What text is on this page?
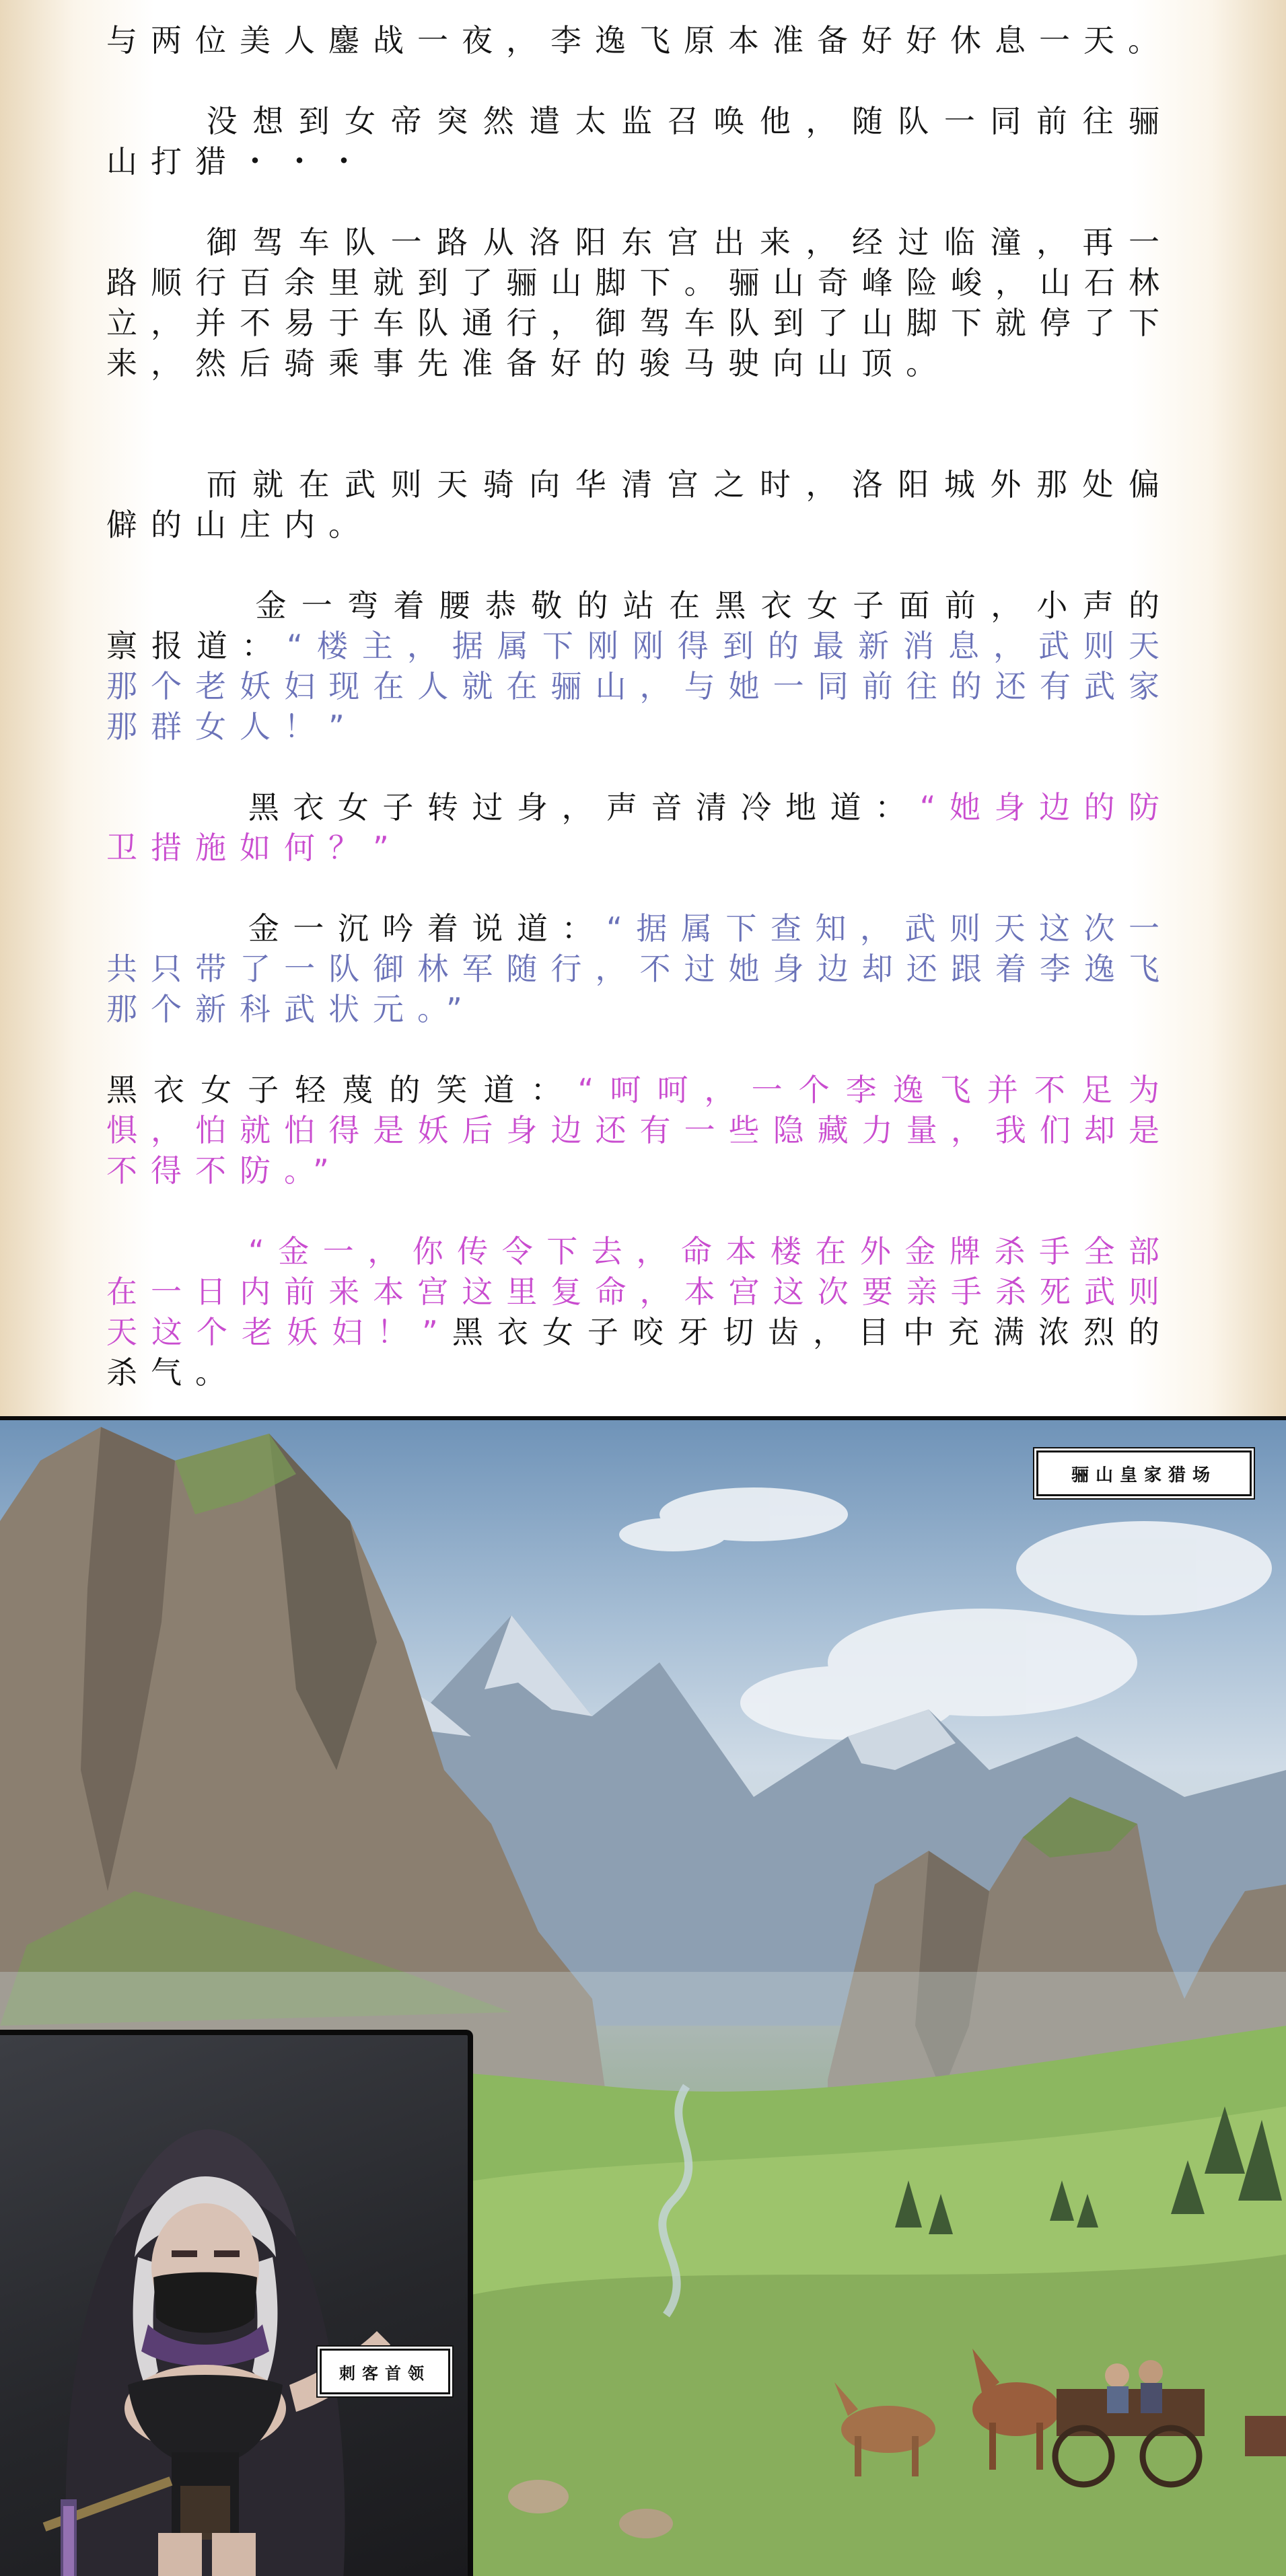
与两位美人鏖战一夜，李逸飞原本准备好好休息一天。

没想到女帝突然遣太监召唤他，随队一同前往骊山打猎・・・

御驾车队一路从洛阳东宫出来，经过临潼，再一路顺行百余里就到了骊山脚下。骊山奇峰险峻，山石林立，并不易于车队通行，御驾车队到了山脚下就停了下来，然后骑乘事先准备好的骏马驶向山顶。

而就在武则天骑向华清宫之时，洛阳城外那处偏僻的山庄内。

金一弯着腰恭敬的站在黑衣女子面前，小声的禀报道：“楼主，据属下刚刚得到的最新消息，武则天那个老妖妇现在人就在骊山，与她一同前往的还有武家那群女人！”

黑衣女子转过身，声音清冷地道：“她身边的防卫措施如何？”

金一沉吟着说道：“据属下查知，武则天这次一共只带了一队御林军随行，不过她身边却还跟着李逸飞那个新科武状元。”

黑衣女子轻蔑的笑道：“呵呵，一个李逸飞并不足为惧，怕就怕得是妖后身边还有一些隐藏力量，我们却是不得不防。”

“金一，你传令下去，命本楼在外金牌杀手全部在一日内前来本宫这里复命，本宫这次要亲手杀死武则天这个老妖妇！”黑衣女子咬牙切齿，目中充满浓烈的杀气。

骊山皇家猎场
刺客首领
